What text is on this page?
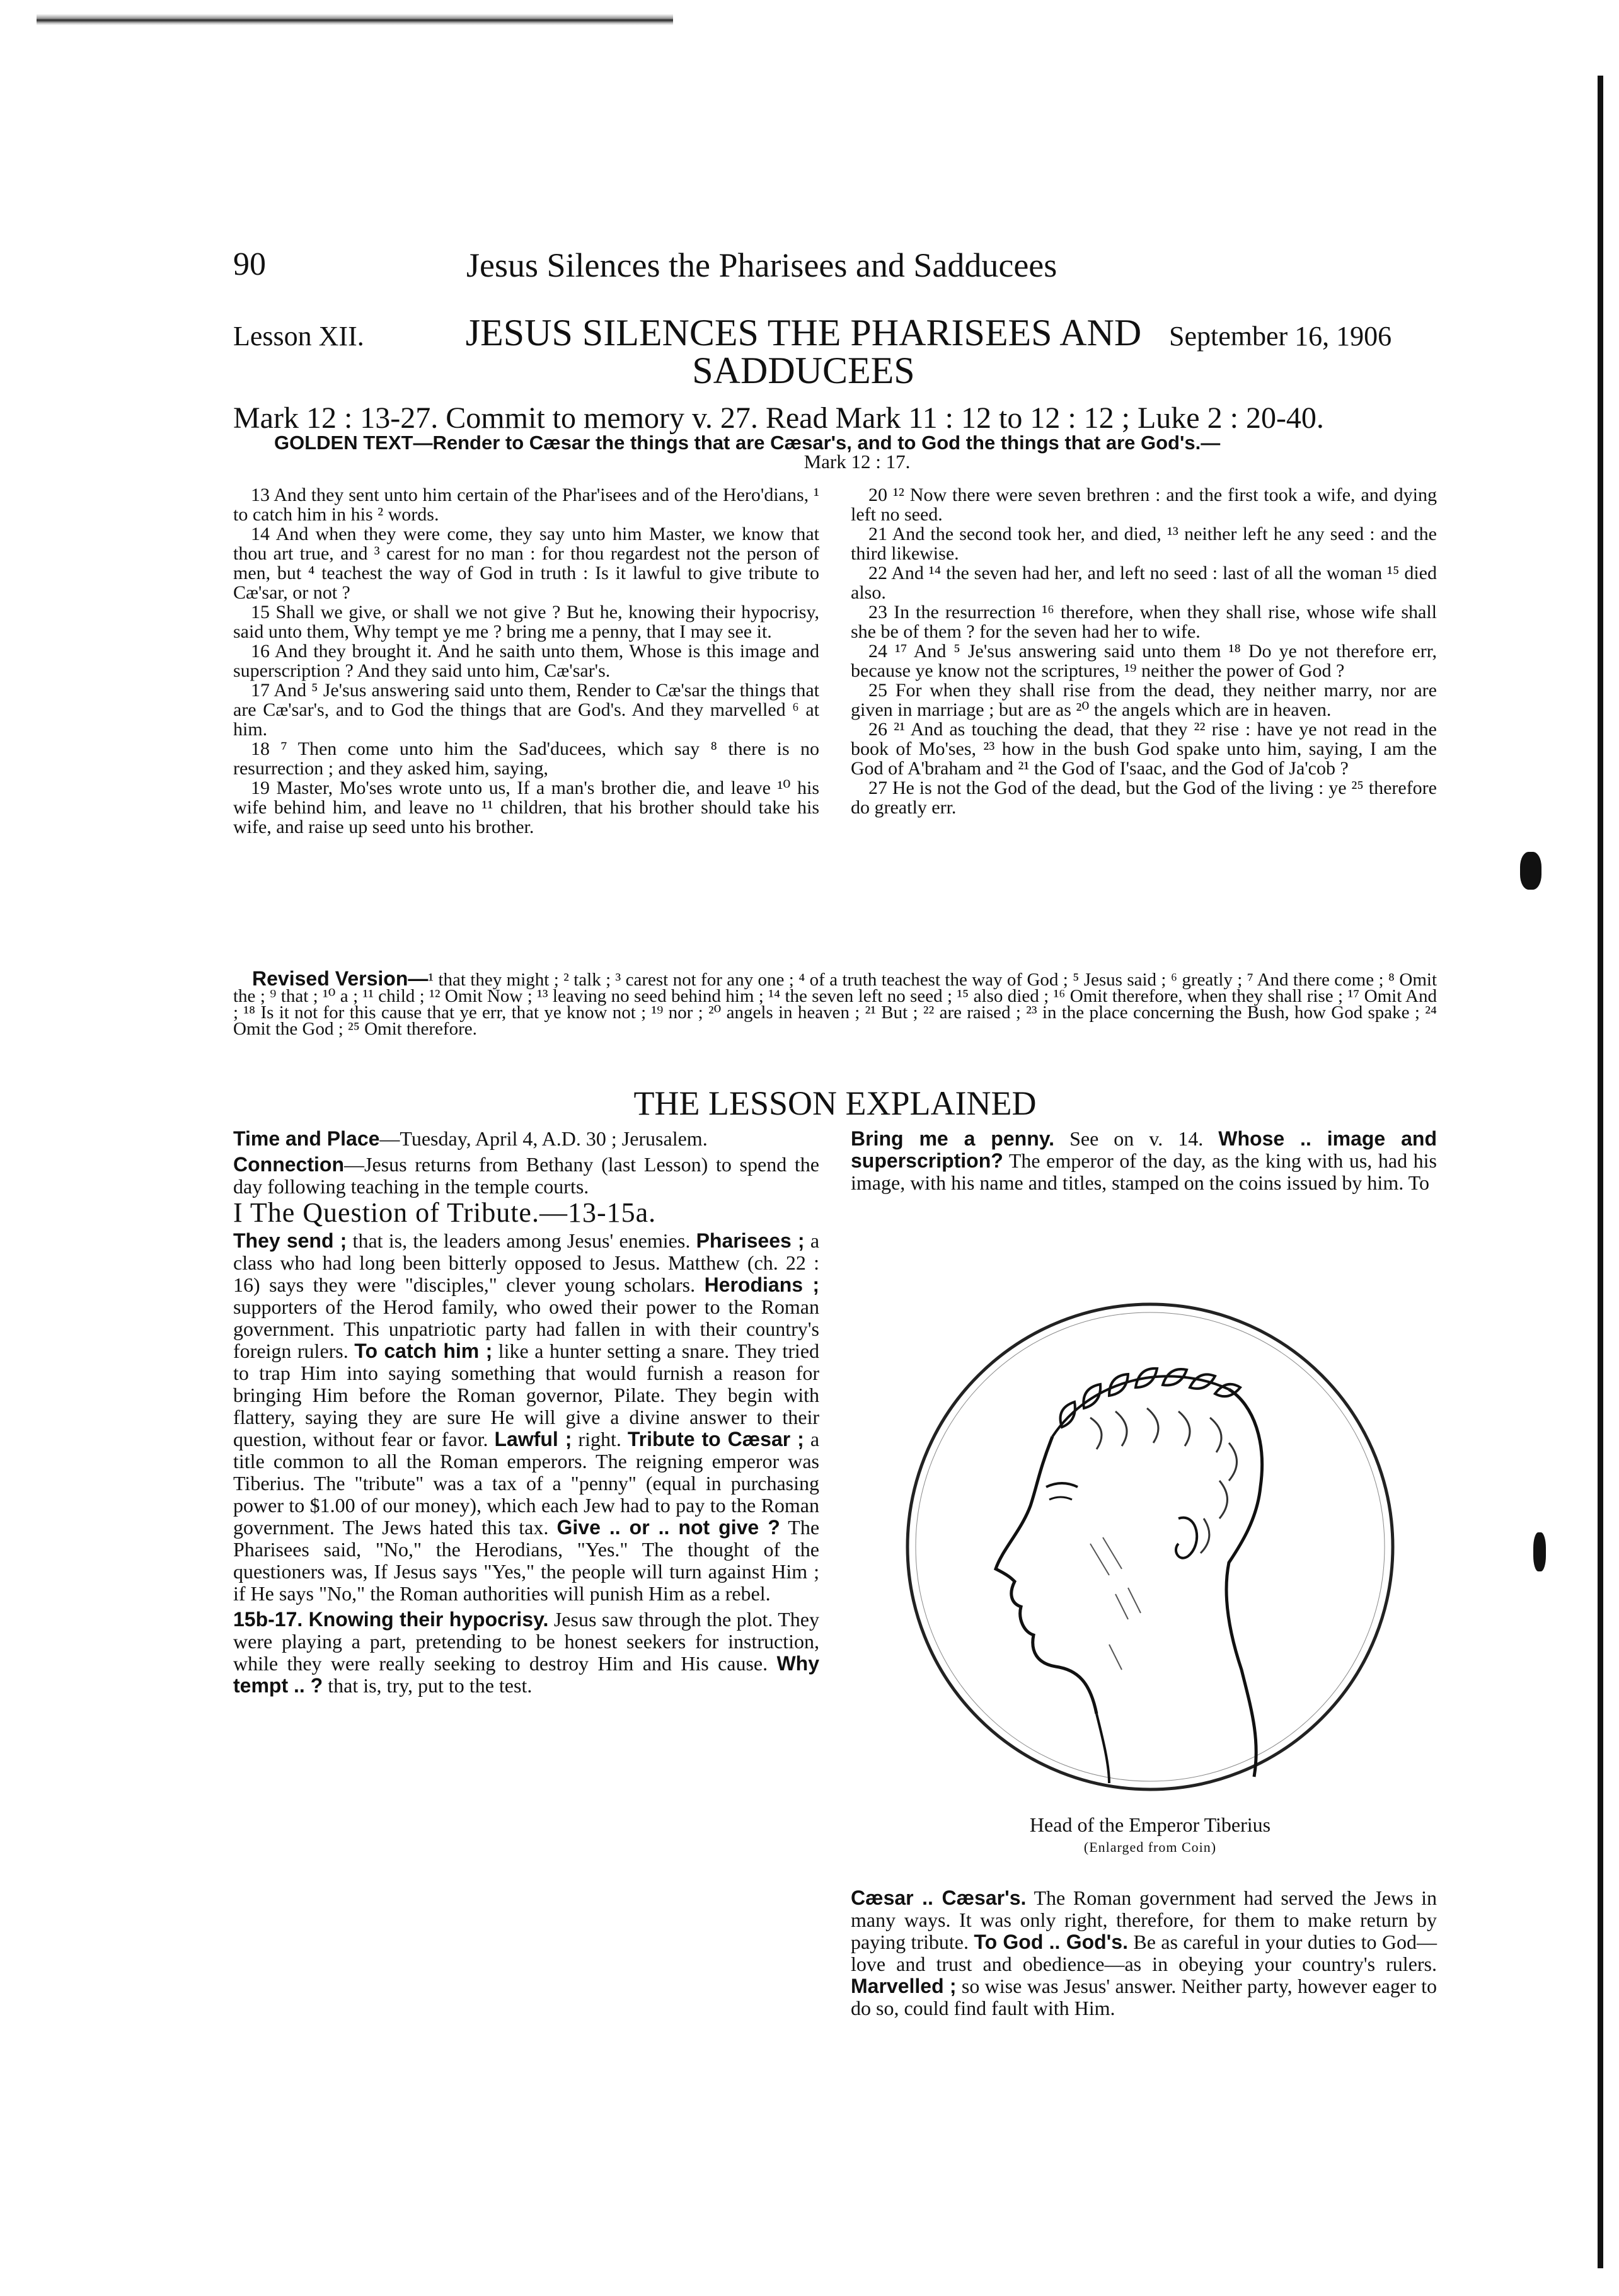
90	Jesus Silences the Pharisees and Sadducees
Lesson XII.	JESUS SILENCES THE PHARISEES AND SADDUCEES
September 16, 1906
Mark 12 : 13-27. Commit to memory v. 27. Read Mark 11 : 12 to 12 : 12 ; Luke 2 : 20-40.
GOLDEN TEXT—Render to Cæsar the things that are Cæsar's, and to God the things that are God's.—
Mark 12 : 17.

13 And they sent unto him certain of the Phar'isees and of the Hero'dians, ¹ to catch him in his ² words.

14 And when they were come, they say unto him Master, we know that thou art true, and ³ carest for no man : for thou regardest not the person of men, but ⁴ teachest the way of God in truth : Is it lawful to give tribute to Cæ'sar, or not ?

15 Shall we give, or shall we not give ? But he, knowing their hypocrisy, said unto them, Why tempt ye me ? bring me a penny, that I may see it.

16 And they brought it. And he saith unto them, Whose is this image and superscription ? And they said unto him, Cæ'sar's.

17 And ⁵ Je'sus answering said unto them, Render to Cæ'sar the things that are Cæ'sar's, and to God the things that are God's. And they marvelled ⁶ at him.

18 ⁷ Then come unto him the Sad'ducees, which say ⁸ there is no resurrection ; and they asked him, saying,

19 Master, Mo'ses wrote unto us, If a man's brother die, and leave ¹⁰ his wife behind him, and leave no ¹¹ children, that his brother should take his wife, and raise up seed unto his brother.

20 ¹² Now there were seven brethren : and the first took a wife, and dying left no seed.

21 And the second took her, and died, ¹³ neither left he any seed : and the third likewise.

22 And ¹⁴ the seven had her, and left no seed : last of all the woman ¹⁵ died also.

23 In the resurrection ¹⁶ therefore, when they shall rise, whose wife shall she be of them ? for the seven had her to wife.

24 ¹⁷ And ⁵ Je'sus answering said unto them ¹⁸ Do ye not therefore err, because ye know not the scriptures, ¹⁹ neither the power of God ?

25 For when they shall rise from the dead, they neither marry, nor are given in marriage ; but are as ²⁰ the angels which are in heaven.

26 ²¹ And as touching the dead, that they ²² rise : have ye not read in the book of Mo'ses, ²³ how in the bush God spake unto him, saying, I am the God of A'braham and ²¹ the God of I'saac, and the God of Ja'cob ?

27 He is not the God of the dead, but the God of the living : ye ²⁵ therefore do greatly err.

Revised Version—¹ that they might ; ² talk ; ³ carest not for any one ; ⁴ of a truth teachest the way of God ; ⁵ Jesus said ; ⁶ greatly ; ⁷ And there come ; ⁸ Omit the ; ⁹ that ; ¹⁰ a ; ¹¹ child ; ¹² Omit Now ; ¹³ leaving no seed behind him ; ¹⁴ the seven left no seed ; ¹⁵ also died ; ¹⁶ Omit therefore, when they shall rise ; ¹⁷ Omit And ; ¹⁸ Is it not for this cause that ye err, that ye know not ; ¹⁹ nor ; ²⁰ angels in heaven ; ²¹ But ; ²² are raised ; ²³ in the place concerning the Bush, how God spake ; ²⁴ Omit the God ; ²⁵ Omit therefore.
THE LESSON EXPLAINED

Time and Place—Tuesday, April 4, A.D. 30 ; Jerusalem.

Connection—Jesus returns from Bethany (last Lesson) to spend the day following teaching in the temple courts.

I The Question of Tribute.—13-15a.

They send ; that is, the leaders among Jesus' enemies. Pharisees ; a class who had long been bitterly opposed to Jesus. Matthew (ch. 22 : 16) says they were "disciples," clever young scholars. Herodians ; supporters of the Herod family, who owed their power to the Roman government. This unpatriotic party had fallen in with their country's foreign rulers. To catch him ; like a hunter setting a snare. They tried to trap Him into saying something that would furnish a reason for bringing Him before the Roman governor, Pilate. They begin with flattery, saying they are sure He will give a divine answer to their question, without fear or favor. Lawful ; right. Tribute to Cæsar ; a title common to all the Roman emperors. The reigning emperor was Tiberius. The "tribute" was a tax of a "penny" (equal in purchasing power to $1.00 of our money), which each Jew had to pay to the Roman government. The Jews hated this tax. Give .. or .. not give ? The Pharisees said, "No," the Herodians, "Yes." The thought of the questioners was, If Jesus says "Yes," the people will turn against Him ; if He says "No," the Roman authorities will punish Him as a rebel.

15b-17. Knowing their hypocrisy. Jesus saw through the plot. They were playing a part, pretending to be honest seekers for instruction, while they were really seeking to destroy Him and His cause. Why tempt .. ? that is, try, put to the test.

Bring me a penny. See on v. 14. Whose .. image and superscription? The emperor of the day, as the king with us, had his image, with his name and titles, stamped on the coins issued by him. To

Head of the Emperor Tiberius
(Enlarged from Coin)

Cæsar .. Cæsar's. The Roman government had served the Jews in many ways. It was only right, therefore, for them to make return by paying tribute. To God .. God's. Be as careful in your duties to God—love and trust and obedience—as in obeying your country's rulers. Marvelled ; so wise was Jesus' answer. Neither party, however eager to do so, could find fault with Him.
